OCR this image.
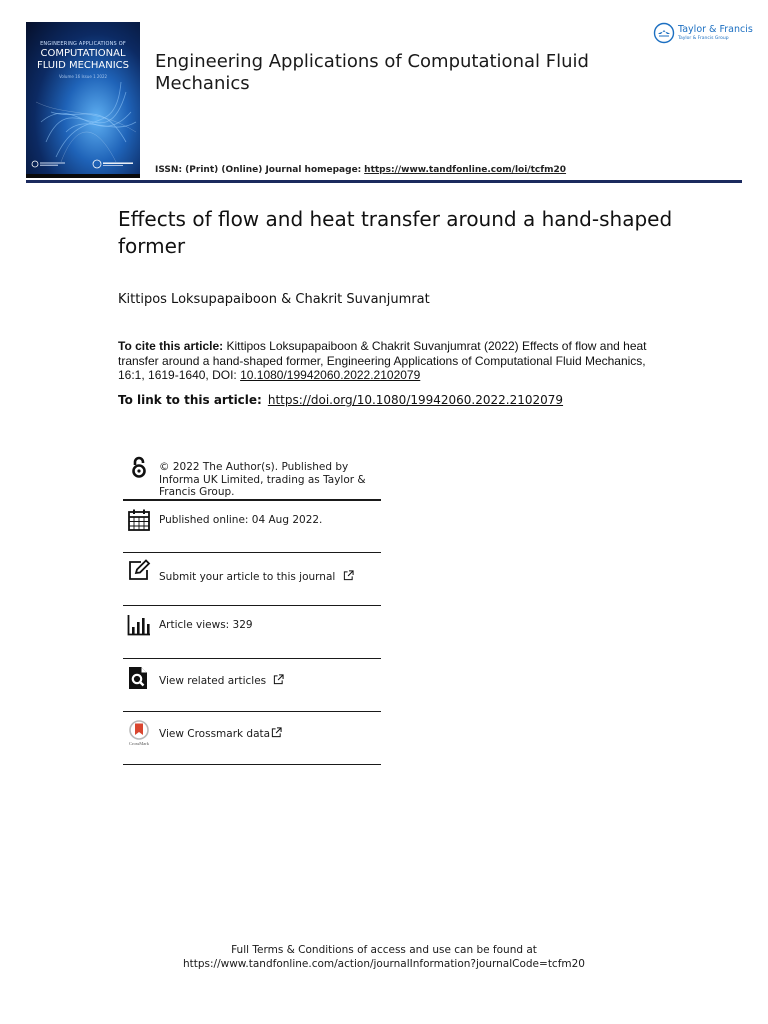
ENGINEERING APPLICATIONS OF
COMPUTATIONAL
FLUID MECHANICS
Volume 16 Issue 1 2022
Engineering Applications of Computational Fluid Mechanics
ISSN: (Print) (Online) Journal homepage: https://www.tandfonline.com/loi/tcfm20
Taylor & Francis
Taylor & Francis Group
Effects of flow and heat transfer around a hand-shaped former
Kittipos Loksupapaiboon & Chakrit Suvanjumrat
To cite this article: Kittipos Loksupapaiboon & Chakrit Suvanjumrat (2022) Effects of flow and heat transfer around a hand-shaped former, Engineering Applications of Computational Fluid Mechanics, 16:1, 1619-1640, DOI: 10.1080/19942060.2022.2102079
To link to this article: https://doi.org/10.1080/19942060.2022.2102079
© 2022 The Author(s). Published by Informa UK Limited, trading as Taylor & Francis Group.
Published online: 04 Aug 2022.
Submit your article to this journal
Article views: 329
View related articles
CrossMark
View Crossmark data
Full Terms & Conditions of access and use can be found at
https://www.tandfonline.com/action/journalInformation?journalCode=tcfm20
